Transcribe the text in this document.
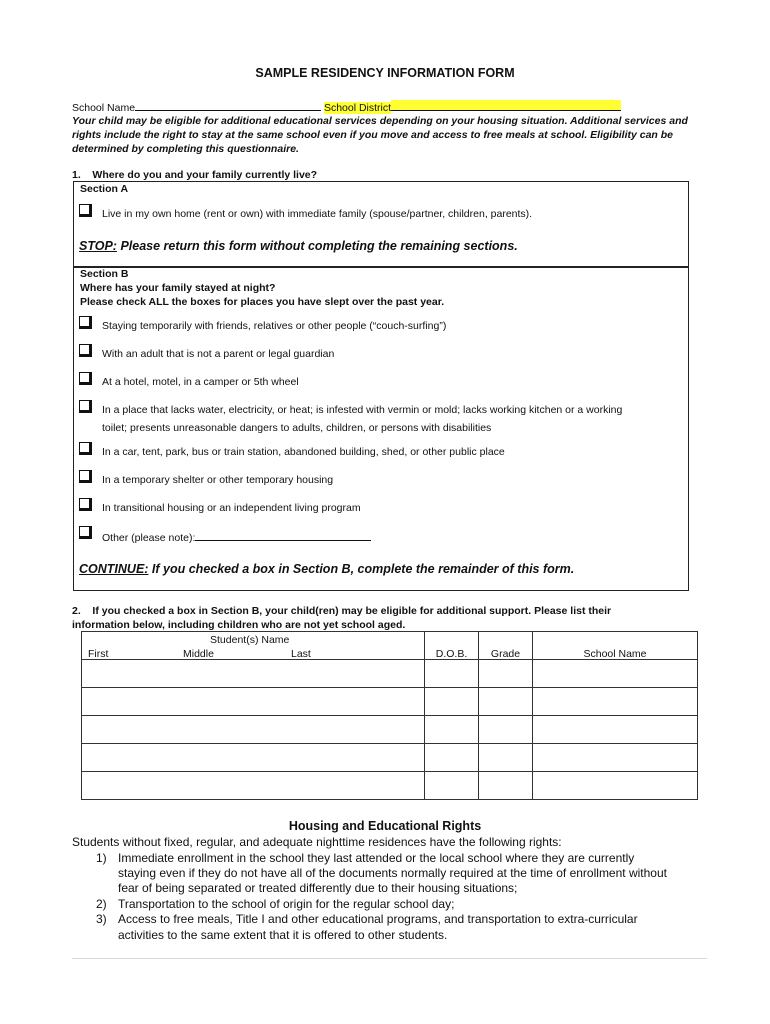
SAMPLE RESIDENCY INFORMATION FORM
School Name	School District
Your child may be eligible for additional educational services depending on your housing situation. Additional services and rights include the right to stay at the same school even if you move and access to free meals at school. Eligibility can be determined by completing this questionnaire.
1.    Where do you and your family currently live?
Section A
Live in my own home (rent or own) with immediate family (spouse/partner, children, parents).
STOP: Please return this form without completing the remaining sections.
Section B
Where has your family stayed at night?
Please check ALL the boxes for places you have slept over the past year.
Staying temporarily with friends, relatives or other people (“couch-surfing”)
With an adult that is not a parent or legal guardian
At a hotel, motel, in a camper or 5th wheel
In a place that lacks water, electricity, or heat; is infested with vermin or mold; lacks working kitchen or a working
toilet; presents unreasonable dangers to adults, children, or persons with disabilities
In a car, tent, park, bus or train station, abandoned building, shed, or other public place
In a temporary shelter or other temporary housing
In transitional housing or an independent living program
Other (please note):
CONTINUE: If you checked a box in Section B, complete the remainder of this form.
2.    If you checked a box in Section B, your child(ren) may be eligible for additional support. Please list their
information below, including children who are not yet school aged.
Student(s) Name
First Middle Last	D.O.B.	Grade	School Name

Housing and Educational Rights
Students without fixed, regular, and adequate nighttime residences have the following rights:
1) Immediate enrollment in the school they last attended or the local school where they are currently
staying even if they do not have all of the documents normally required at the time of enrollment without
fear of being separated or treated differently due to their housing situations;
2) Transportation to the school of origin for the regular school day;
3) Access to free meals, Title I and other educational programs, and transportation to extra-curricular
activities to the same extent that it is offered to other students.
